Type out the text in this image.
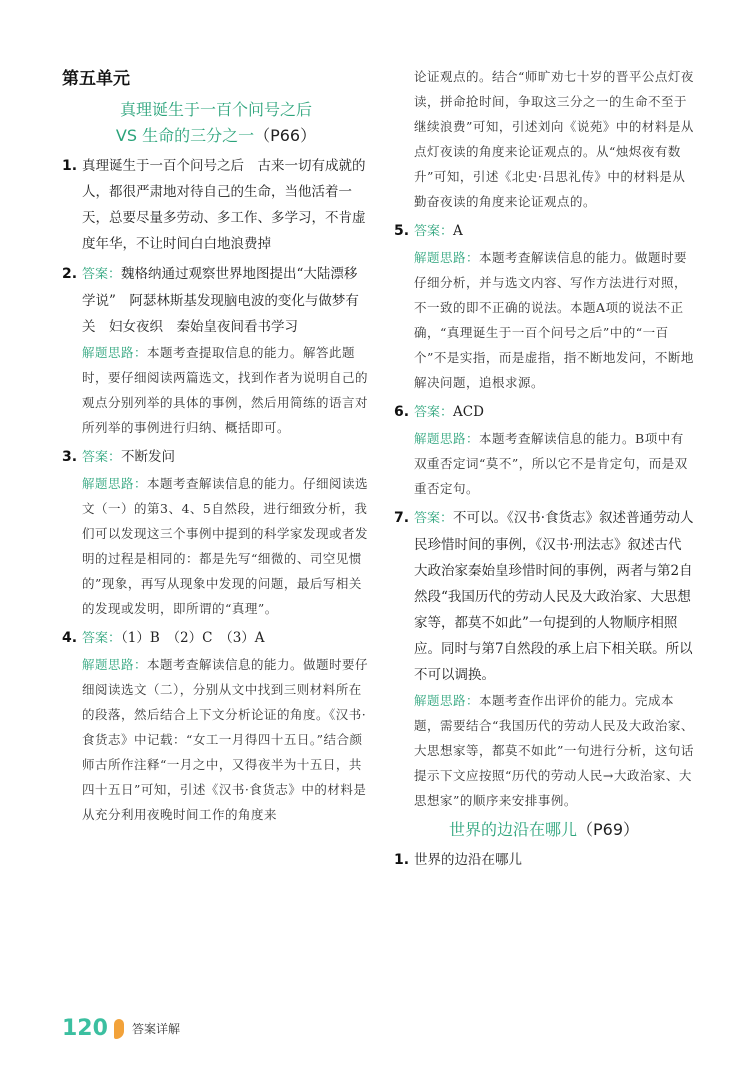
第五单元
真理诞生于一百个问号之后
VS 生命的三分之一（P66）
1. 真理诞生于一百个问号之后　古来一切有成就的人，都很严肃地对待自己的生命，当他活着一天，总要尽量多劳动、多工作、多学习，不肯虚度年华，不让时间白白地浪费掉
2. 答案：魏格纳通过观察世界地图提出“大陆漂移学说”　阿瑟林斯基发现脑电波的变化与做梦有关　妇女夜织　秦始皇夜间看书学习
解题思路：本题考查提取信息的能力。解答此题时，要仔细阅读两篇选文，找到作者为说明自己的观点分别列举的具体的事例，然后用简练的语言对所列举的事例进行归纳、概括即可。
3. 答案：不断发问
解题思路：本题考查解读信息的能力。仔细阅读选文（一）的第3、4、5自然段，进行细致分析，我们可以发现这三个事例中提到的科学家发现或者发明的过程是相同的：都是先写“细微的、司空见惯的”现象，再写从现象中发现的问题，最后写相关的发现或发明，即所谓的“真理”。
4. 答案：（1）B　（2）C　（3）A
解题思路：本题考查解读信息的能力。做题时要仔细阅读选文（二），分别从文中找到三则材料所在的段落，然后结合上下文分析论证的角度。《汉书·食货志》中记载：“女工一月得四十五日。”结合颜师古所作注释“一月之中，又得夜半为十五日，共四十五日”可知，引述《汉书·食货志》中的材料是从充分利用夜晚时间工作的角度来
论证观点的。结合“师旷劝七十岁的晋平公点灯夜读，拼命抢时间，争取这三分之一的生命不至于继续浪费”可知，引述刘向《说苑》中的材料是从点灯夜读的角度来论证观点的。从“烛烬夜有数升”可知，引述《北史·吕思礼传》中的材料是从勤奋夜读的角度来论证观点的。
5. 答案：A
解题思路：本题考查解读信息的能力。做题时要仔细分析，并与选文内容、写作方法进行对照，不一致的即不正确的说法。本题A项的说法不正确，“真理诞生于一百个问号之后”中的“一百个”不是实指，而是虚指，指不断地发问，不断地解决问题，追根求源。
6. 答案：ACD
解题思路：本题考查解读信息的能力。B项中有双重否定词“莫不”，所以它不是肯定句，而是双重否定句。
7. 答案：不可以。《汉书·食货志》叙述普通劳动人民珍惜时间的事例，《汉书·刑法志》叙述古代大政治家秦始皇珍惜时间的事例，两者与第2自然段“我国历代的劳动人民及大政治家、大思想家等，都莫不如此”一句提到的人物顺序相照应。同时与第7自然段的承上启下相关联。所以不可以调换。
解题思路：本题考查作出评价的能力。完成本题，需要结合“我国历代的劳动人民及大政治家、大思想家等，都莫不如此”一句进行分析，这句话提示下文应按照“历代的劳动人民→大政治家、大思想家”的顺序来安排事例。
世界的边沿在哪儿（P69）
1. 世界的边沿在哪儿
120 答案详解
